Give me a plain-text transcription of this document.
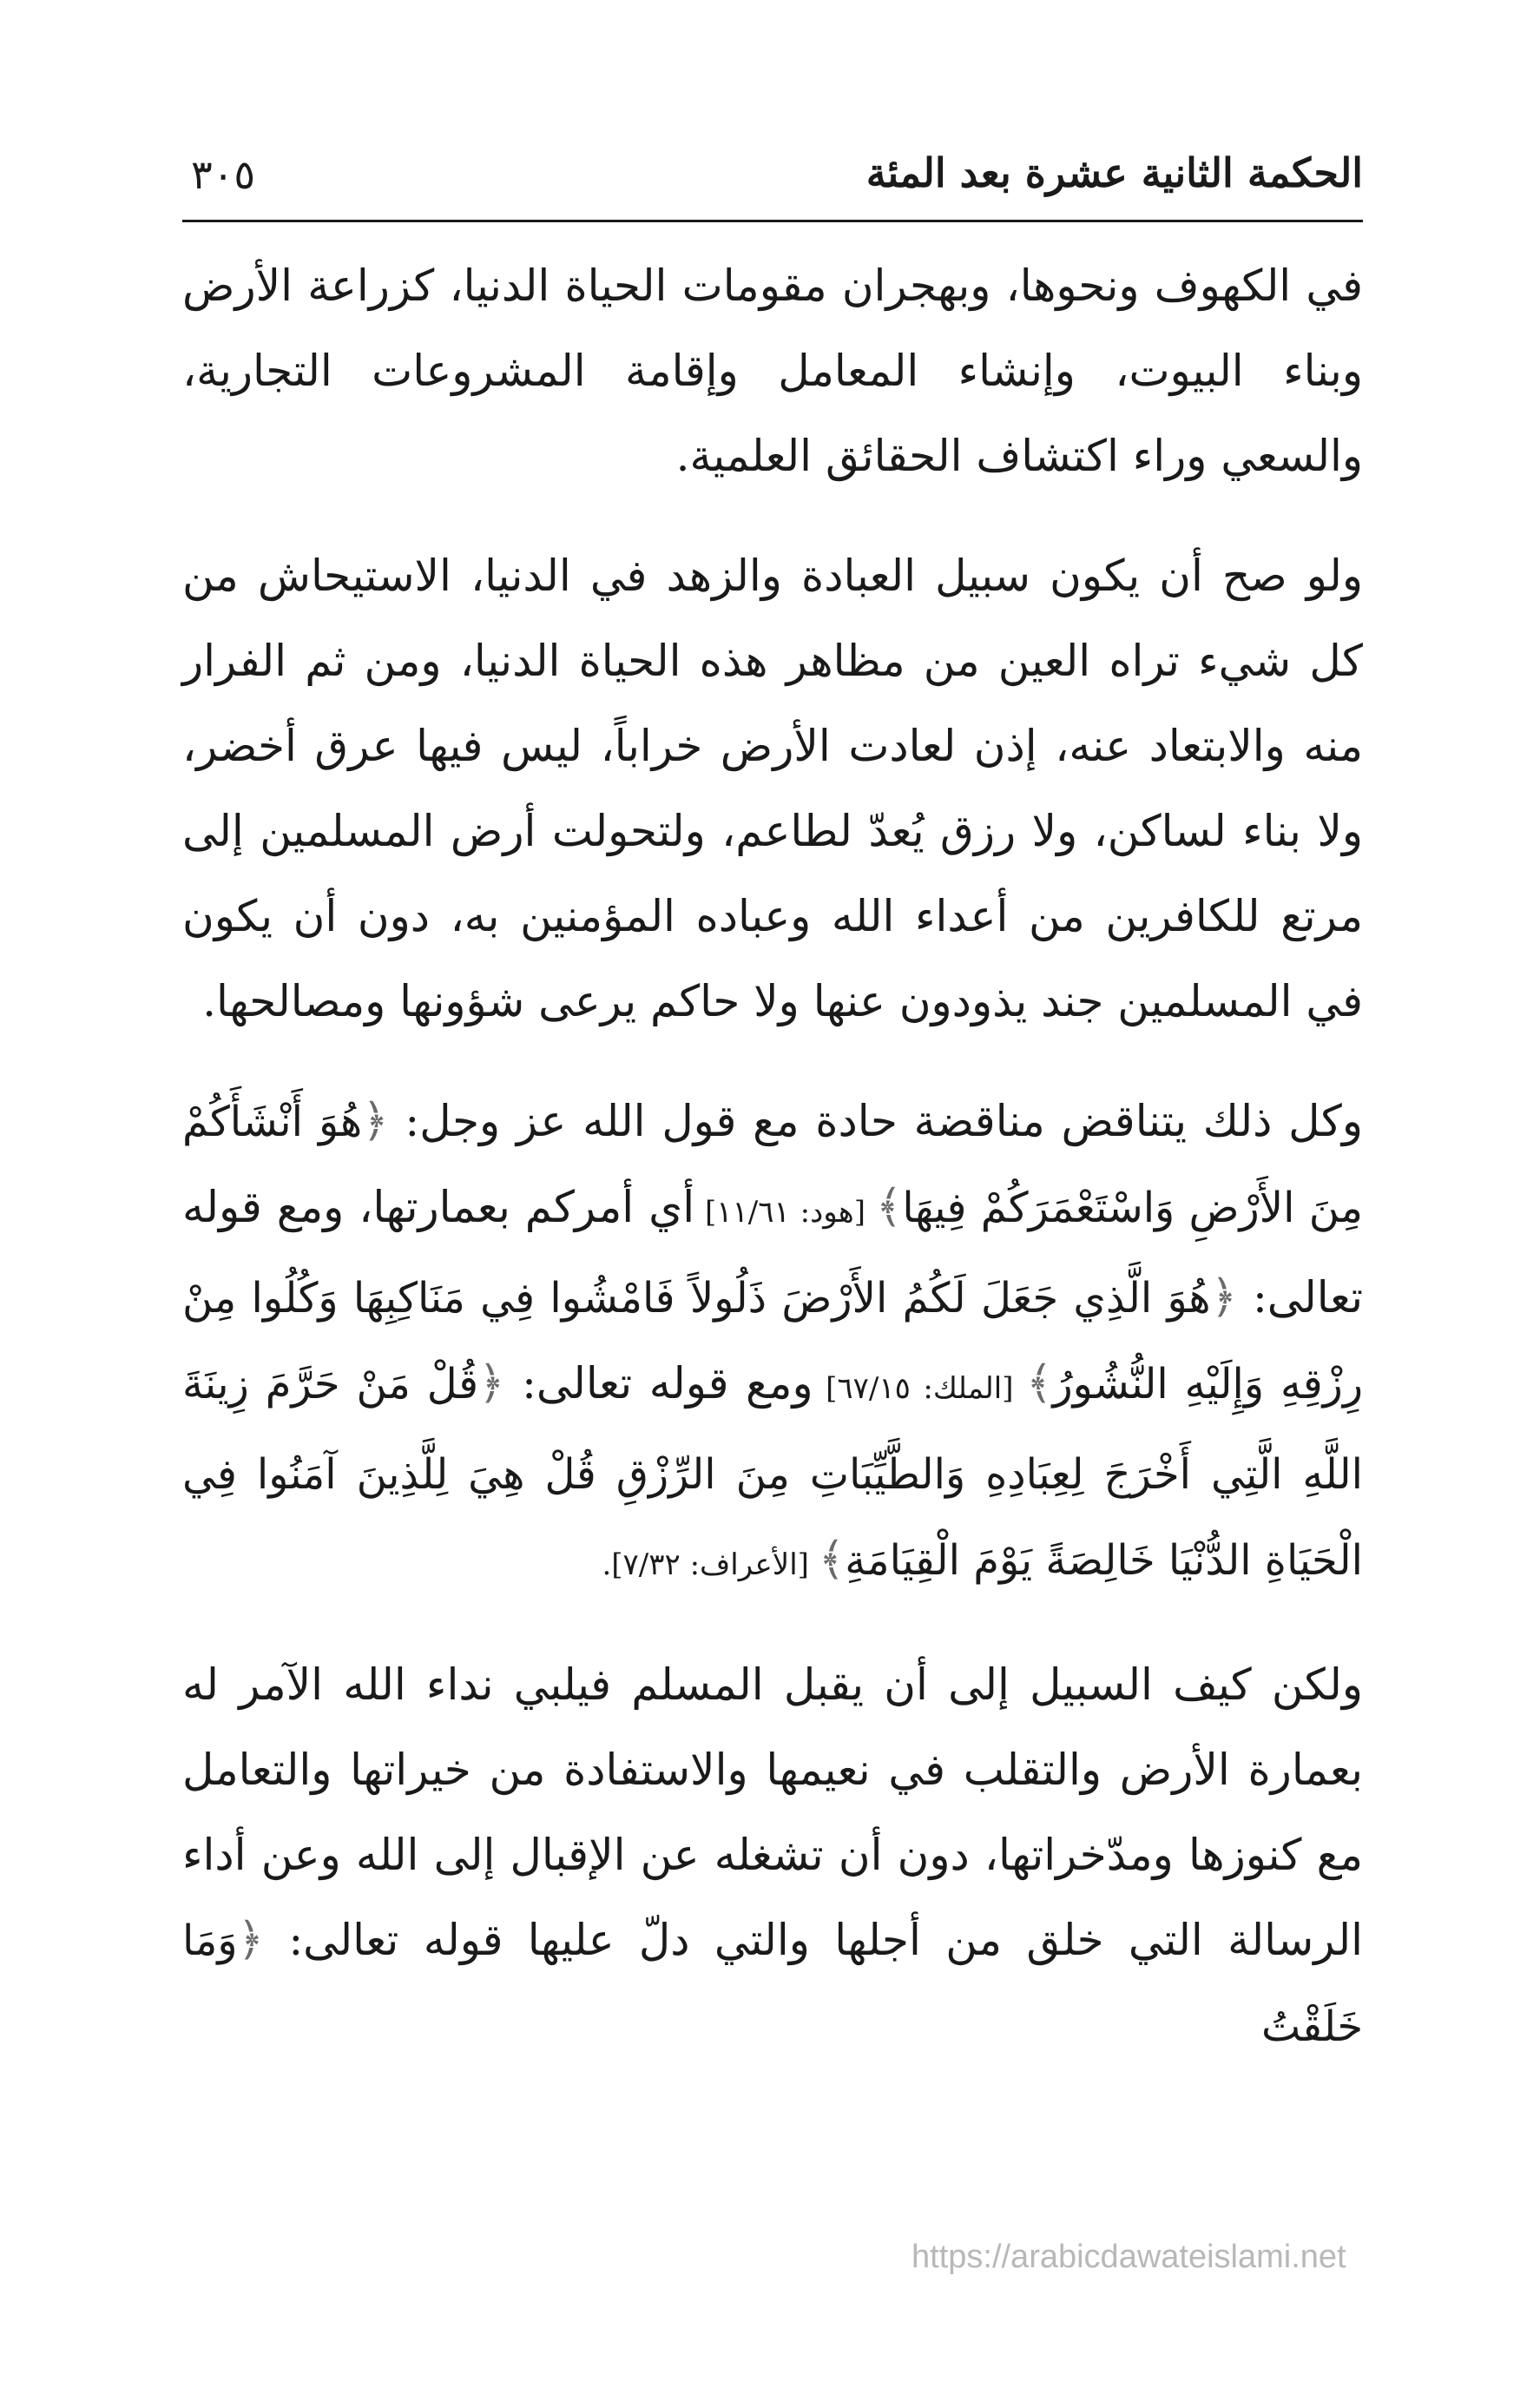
الحكمة الثانية عشرة بعد المئة
٣٠٥

في الكهوف ونحوها، وبهجران مقومات الحياة الدنيا، كزراعة الأرض وبناء البيوت، وإنشاء المعامل وإقامة المشروعات التجارية، والسعي وراء اكتشاف الحقائق العلمية.

ولو صح أن يكون سبيل العبادة والزهد في الدنيا، الاستيحاش من كل شيء تراه العين من مظاهر هذه الحياة الدنيا، ومن ثم الفرار منه والابتعاد عنه، إذن لعادت الأرض خراباً، ليس فيها عرق أخضر، ولا بناء لساكن، ولا رزق يُعدّ لطاعم، ولتحولت أرض المسلمين إلى مرتع للكافرين من أعداء الله وعباده المؤمنين به، دون أن يكون في المسلمين جند يذودون عنها ولا حاكم يرعى شؤونها ومصالحها.

وكل ذلك يتناقض مناقضة حادة مع قول الله عز وجل: ﴿هُوَ أَنْشَأَكُمْ مِنَ الأَرْضِ وَاسْتَعْمَرَكُمْ فِيهَا﴾ [هود: ١١/٦١] أي أمركم بعمارتها، ومع قوله تعالى: ﴿هُوَ الَّذِي جَعَلَ لَكُمُ الأَرْضَ ذَلُولاً فَامْشُوا فِي مَنَاكِبِهَا وَكُلُوا مِنْ رِزْقِهِ وَإِلَيْهِ النُّشُورُ﴾ [الملك: ٦٧/١٥] ومع قوله تعالى: ﴿قُلْ مَنْ حَرَّمَ زِينَةَ اللَّهِ الَّتِي أَخْرَجَ لِعِبَادِهِ وَالطَّيِّبَاتِ مِنَ الرِّزْقِ قُلْ هِيَ لِلَّذِينَ آمَنُوا فِي الْحَيَاةِ الدُّنْيَا خَالِصَةً يَوْمَ الْقِيَامَةِ﴾ [الأعراف: ٧/٣٢].

ولكن كيف السبيل إلى أن يقبل المسلم فيلبي نداء الله الآمر له بعمارة الأرض والتقلب في نعيمها والاستفادة من خيراتها والتعامل مع كنوزها ومدّخراتها، دون أن تشغله عن الإقبال إلى الله وعن أداء الرسالة التي خلق من أجلها والتي دلّ عليها قوله تعالى: ﴿وَمَا خَلَقْتُ

https://arabicdawateislami.net
